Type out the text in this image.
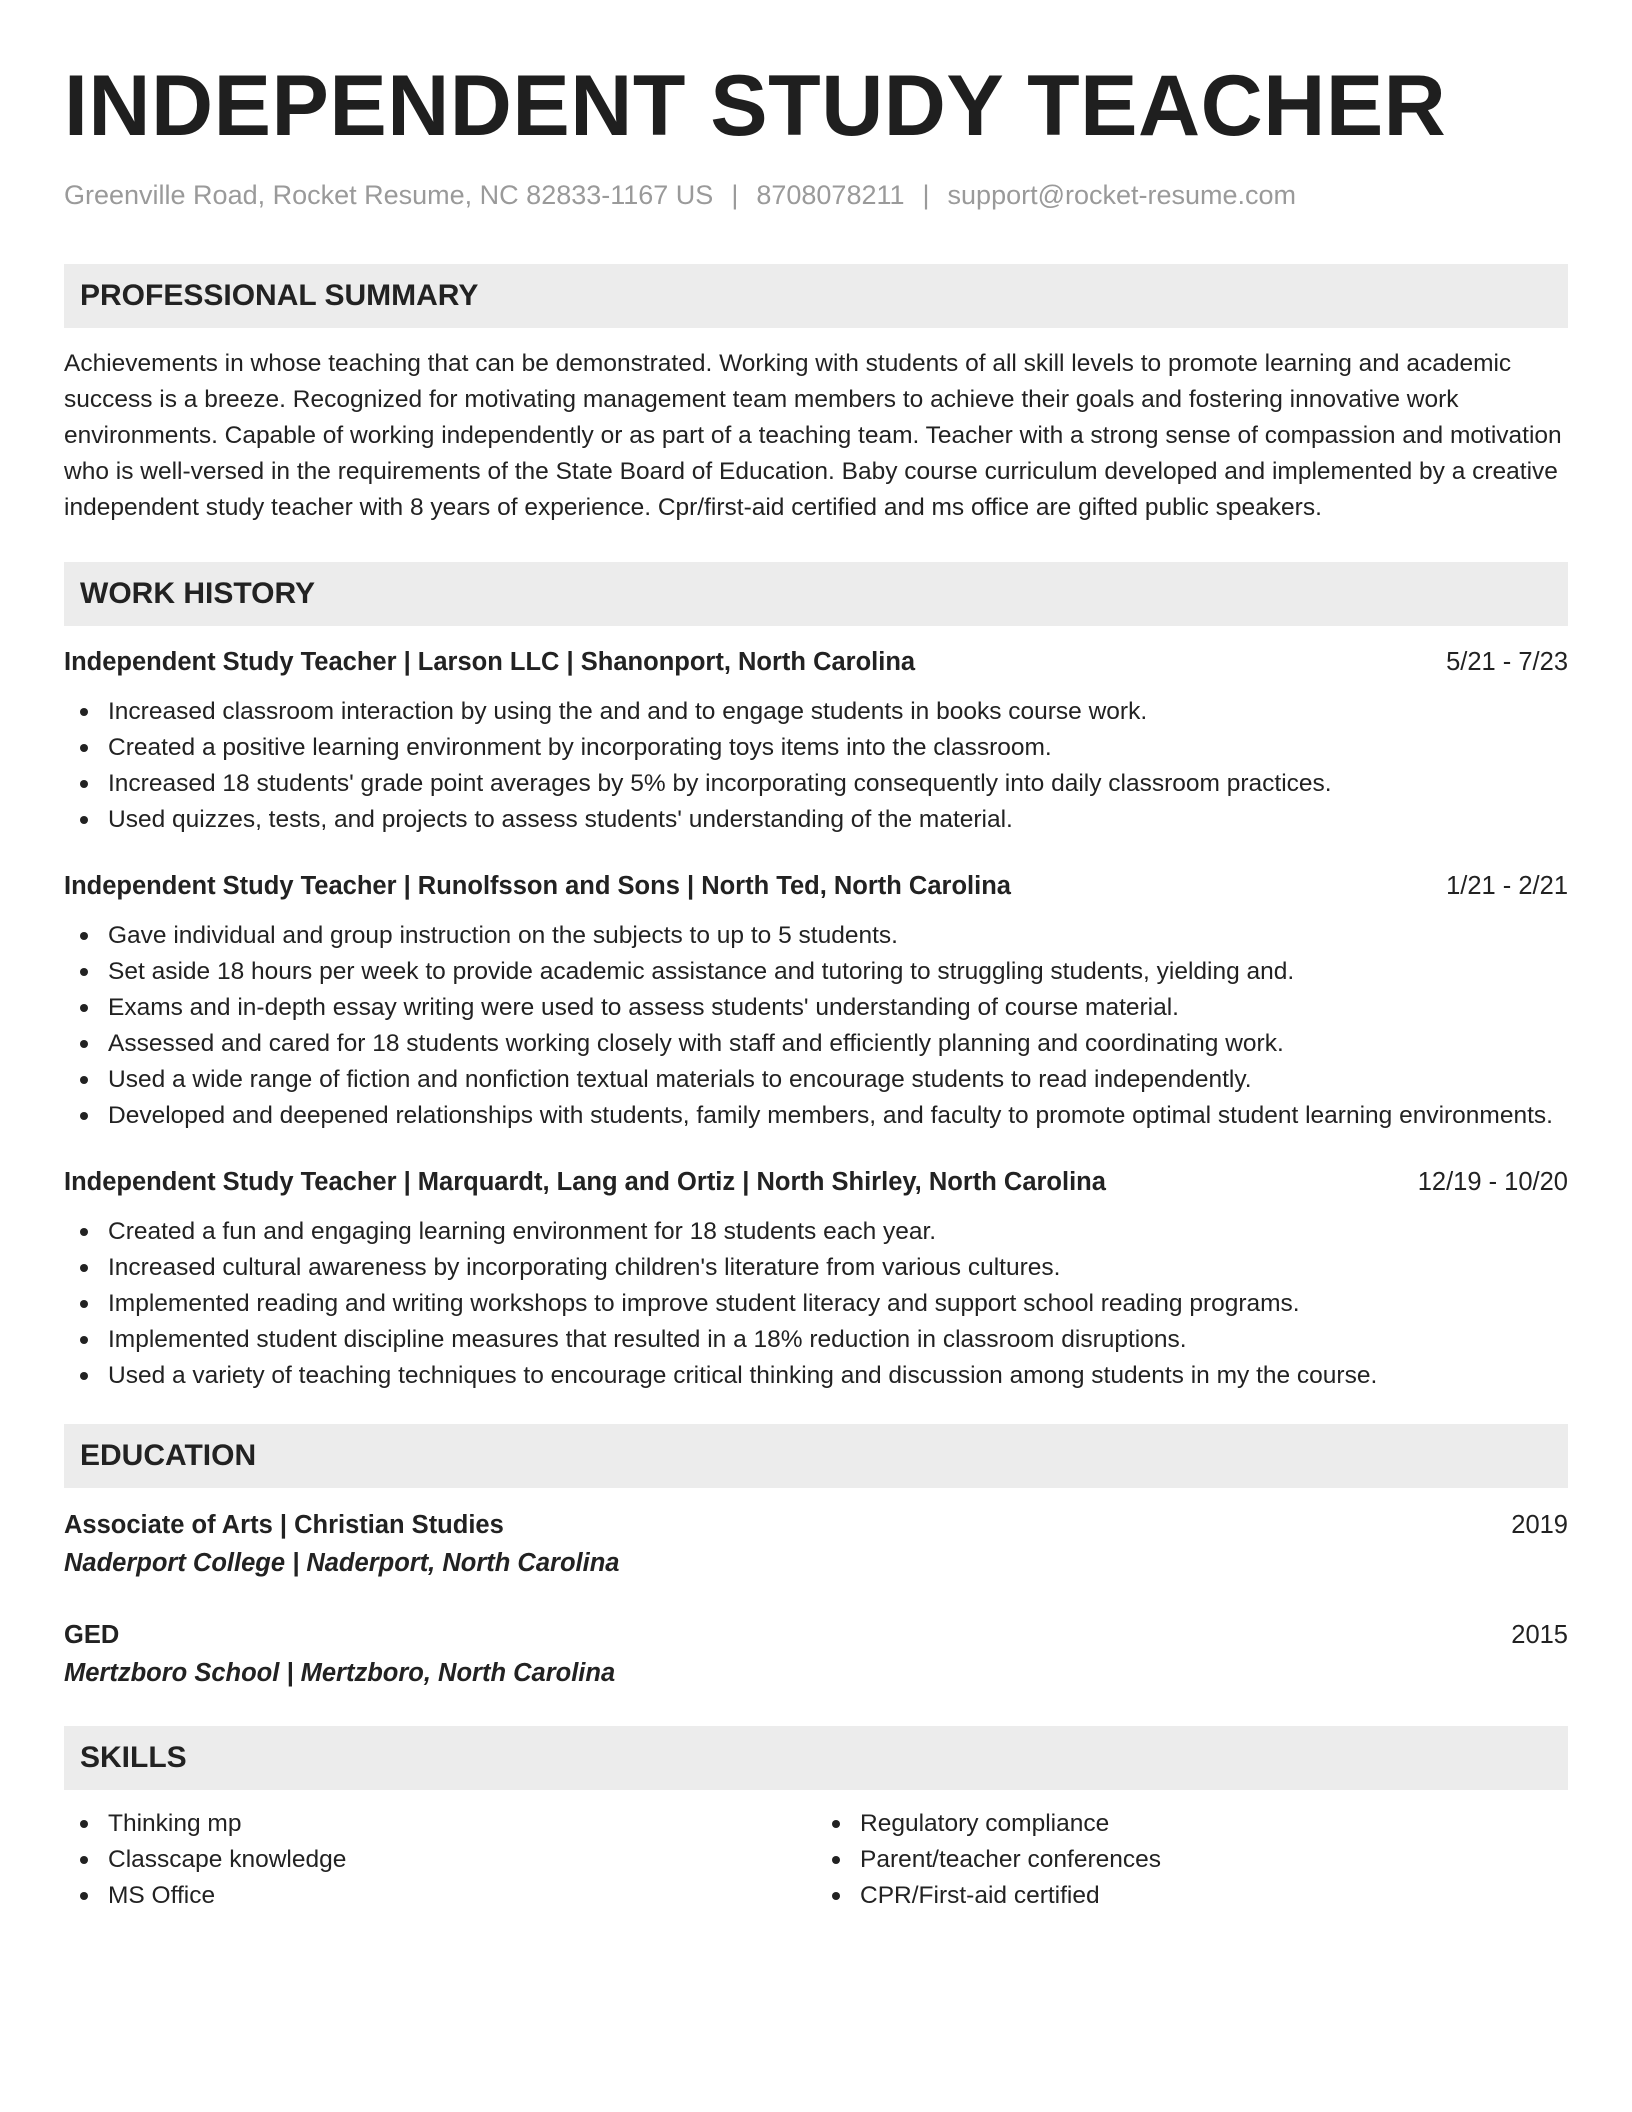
INDEPENDENT STUDY TEACHER
Greenville Road, Rocket Resume, NC 82833-1167 US | 8708078211 | support@rocket-resume.com
PROFESSIONAL SUMMARY
Achievements in whose teaching that can be demonstrated. Working with students of all skill levels to promote learning and academic success is a breeze. Recognized for motivating management team members to achieve their goals and fostering innovative work environments. Capable of working independently or as part of a teaching team. Teacher with a strong sense of compassion and motivation who is well-versed in the requirements of the State Board of Education. Baby course curriculum developed and implemented by a creative independent study teacher with 8 years of experience. Cpr/first-aid certified and ms office are gifted public speakers.
WORK HISTORY
Independent Study Teacher | Larson LLC | Shanonport, North Carolina	5/21 - 7/23
Increased classroom interaction by using the and and to engage students in books course work.
Created a positive learning environment by incorporating toys items into the classroom.
Increased 18 students' grade point averages by 5% by incorporating consequently into daily classroom practices.
Used quizzes, tests, and projects to assess students' understanding of the material.
Independent Study Teacher | Runolfsson and Sons | North Ted, North Carolina	1/21 - 2/21
Gave individual and group instruction on the subjects to up to 5 students.
Set aside 18 hours per week to provide academic assistance and tutoring to struggling students, yielding and.
Exams and in-depth essay writing were used to assess students' understanding of course material.
Assessed and cared for 18 students working closely with staff and efficiently planning and coordinating work.
Used a wide range of fiction and nonfiction textual materials to encourage students to read independently.
Developed and deepened relationships with students, family members, and faculty to promote optimal student learning environments.
Independent Study Teacher | Marquardt, Lang and Ortiz | North Shirley, North Carolina	12/19 - 10/20
Created a fun and engaging learning environment for 18 students each year.
Increased cultural awareness by incorporating children's literature from various cultures.
Implemented reading and writing workshops to improve student literacy and support school reading programs.
Implemented student discipline measures that resulted in a 18% reduction in classroom disruptions.
Used a variety of teaching techniques to encourage critical thinking and discussion among students in my the course.
EDUCATION
Associate of Arts | Christian Studies	2019
Naderport College | Naderport, North Carolina
GED	2015
Mertzboro School | Mertzboro, North Carolina
SKILLS
Thinking mp
Classcape knowledge
MS Office
Regulatory compliance
Parent/teacher conferences
CPR/First-aid certified
